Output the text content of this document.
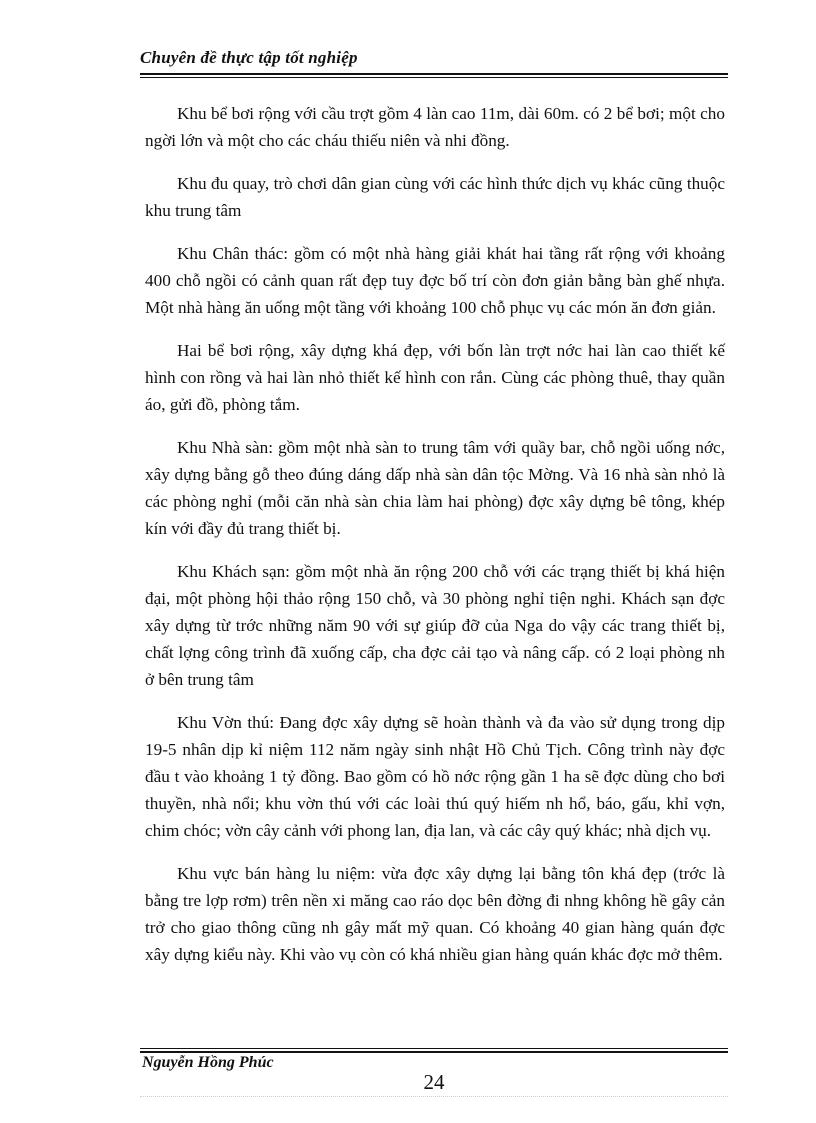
Chuyên đề thực tập tốt nghiệp

Khu bể bơi rộng với cầu trợt gồm 4 làn cao 11m, dài 60m. có 2 bể bơi; một cho ngời lớn và một cho các cháu thiếu niên và nhi đồng.

Khu đu quay, trò chơi dân gian cùng với các hình thức dịch vụ khác cũng thuộc khu trung tâm

Khu Chân thác: gồm có một nhà hàng giải khát hai tầng rất rộng với khoảng 400 chỗ ngồi có cảnh quan rất đẹp tuy đợc bố trí còn đơn giản bằng bàn ghế nhựa. Một nhà hàng ăn uống một tầng với khoảng 100 chỗ phục vụ các món ăn đơn giản.

Hai bể bơi rộng, xây dựng khá đẹp, với bốn làn trợt nớc hai làn cao thiết kế hình con rồng và hai làn nhỏ thiết kế hình con rắn. Cùng các phòng thuê, thay quần áo, gửi đồ, phòng tắm.

Khu Nhà sàn: gồm một nhà sàn to trung tâm với quầy bar, chỗ ngồi uống nớc, xây dựng bằng gỗ theo đúng dáng dấp nhà sàn dân tộc Mờng. Và 16 nhà sàn nhỏ là các phòng nghỉ (mỗi căn nhà sàn chia làm hai phòng) đợc xây dựng bê tông, khép kín với đầy đủ trang thiết bị.

Khu Khách sạn: gồm một nhà ăn rộng 200 chỗ với các trạng thiết bị khá hiện đại, một phòng hội thảo rộng 150 chỗ, và 30 phòng nghỉ tiện nghi. Khách sạn đợc xây dựng từ trớc những năm 90 với sự giúp đỡ của Nga do vậy các trang thiết bị, chất lợng công trình đã xuống cấp, cha đợc cải tạo và nâng cấp. có 2 loại phòng nh ở bên trung tâm

Khu Vờn thú: Đang đợc xây dựng sẽ hoàn thành và đa vào sử dụng trong dịp 19-5 nhân dịp kỉ niệm 112 năm ngày sinh nhật Hồ Chủ Tịch. Công trình này đợc đầu t vào khoảng 1 tỷ đồng. Bao gồm có hồ nớc rộng gần 1 ha sẽ đợc dùng cho bơi thuyền, nhà nổi; khu vờn thú với các loài thú quý hiếm nh hổ, báo, gấu, khỉ vợn, chim chóc; vờn cây cảnh với phong lan, địa lan, và các cây quý khác; nhà dịch vụ.

Khu vực bán hàng lu niệm: vừa đợc xây dựng lại bằng tôn khá đẹp (trớc là bằng tre lợp rơm) trên nền xi măng cao ráo dọc bên đờng đi nhng không hề gây cản trở cho giao thông cũng nh gây mất mỹ quan. Có khoảng 40 gian hàng quán đợc xây dựng kiểu này. Khi vào vụ còn có khá nhiều gian hàng quán khác đợc mở thêm.

Nguyễn Hồng Phúc
24
